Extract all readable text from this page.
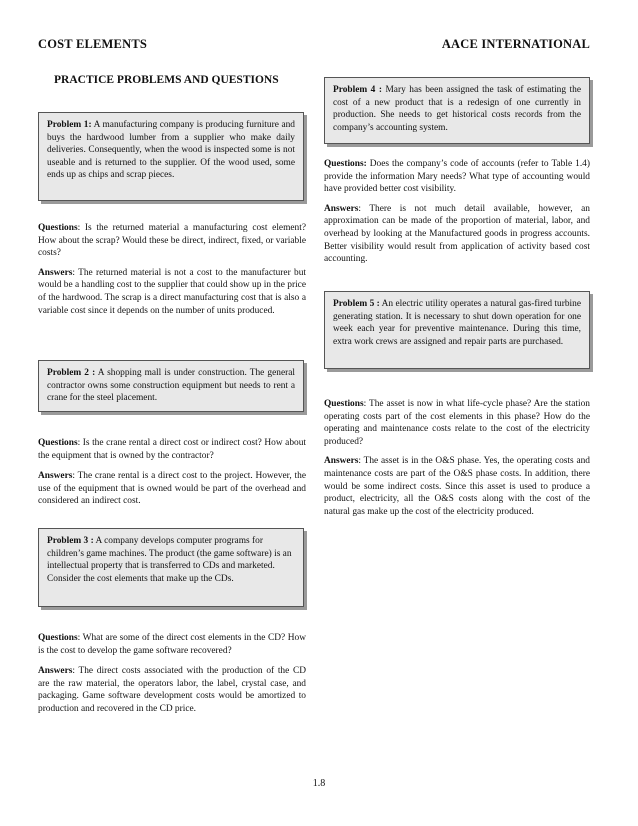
COST ELEMENTS	AACE INTERNATIONAL
PRACTICE PROBLEMS AND QUESTIONS
Problem 1: A manufacturing company is producing furniture and buys the hardwood lumber from a supplier who make daily deliveries. Consequently, when the wood is inspected some is not useable and is returned to the supplier. Of the wood used, some ends up as chips and scrap pieces.

Questions: Is the returned material a manufacturing cost element? How about the scrap? Would these be direct, indirect, fixed, or variable costs?

Answers: The returned material is not a cost to the manufacturer but would be a handling cost to the supplier that could show up in the price of the hardwood. The scrap is a direct manufacturing cost that is also a variable cost since it depends on the number of units produced.

Problem 2 : A shopping mall is under construction. The general contractor owns some construction equipment but needs to rent a crane for the steel placement.

Questions: Is the crane rental a direct cost or indirect cost? How about the equipment that is owned by the contractor?

Answers: The crane rental is a direct cost to the project. However, the use of the equipment that is owned would be part of the overhead and considered an indirect cost.

Problem 3 : A company develops computer programs for children’s game machines. The product (the game software) is an intellectual property that is transferred to CDs and marketed. Consider the cost elements that make up the CDs.

Questions: What are some of the direct cost elements in the CD? How is the cost to develop the game software recovered?

Answers: The direct costs associated with the production of the CD are the raw material, the operators labor, the label, crystal case, and packaging. Game software development costs would be amortized to production and recovered in the CD price.

Problem 4 : Mary has been assigned the task of estimating the cost of a new product that is a redesign of one currently in production. She needs to get historical costs records from the company’s accounting system.

Questions: Does the company’s code of accounts (refer to Table 1.4) provide the information Mary needs? What type of accounting would have provided better cost visibility.

Answers: There is not much detail available, however, an approximation can be made of the proportion of material, labor, and overhead by looking at the Manufactured goods in progress accounts. Better visibility would result from application of activity based cost accounting.

Problem 5 : An electric utility operates a natural gas-fired turbine generating station. It is necessary to shut down operation for one week each year for preventive maintenance. During this time, extra work crews are assigned and repair parts are purchased.

Questions: The asset is now in what life-cycle phase? Are the station operating costs part of the cost elements in this phase? How do the operating and maintenance costs relate to the cost of the electricity produced?

Answers: The asset is in the O&S phase. Yes, the operating costs and maintenance costs are part of the O&S phase costs. In addition, there would be some indirect costs. Since this asset is used to produce a product, electricity, all the O&S costs along with the cost of the natural gas make up the cost of the electricity produced.

1.8
